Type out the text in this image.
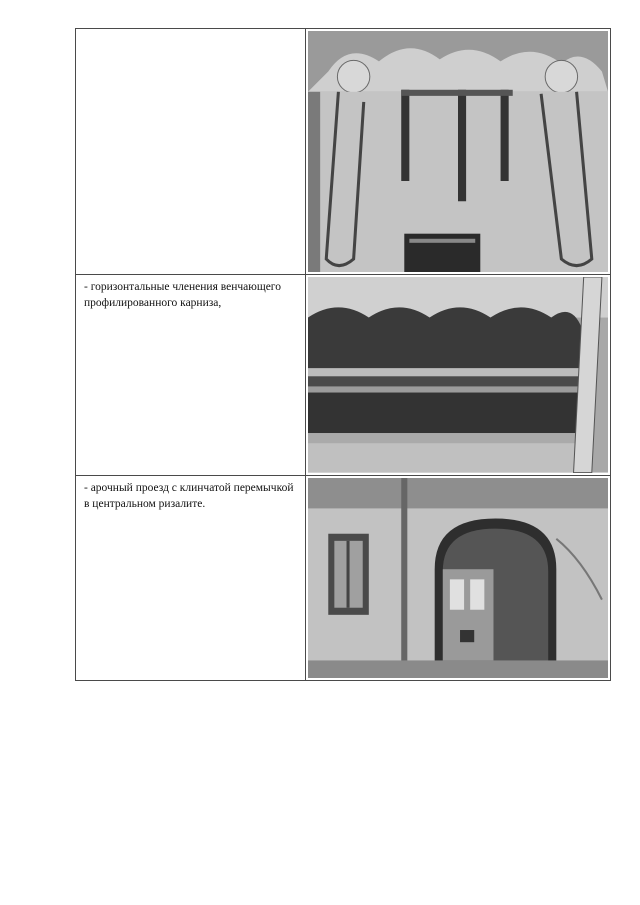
- горизонтальные членения венчающего профилированного карниза,

- арочный проезд с клинчатой перемычкой в центральном ризалите.
